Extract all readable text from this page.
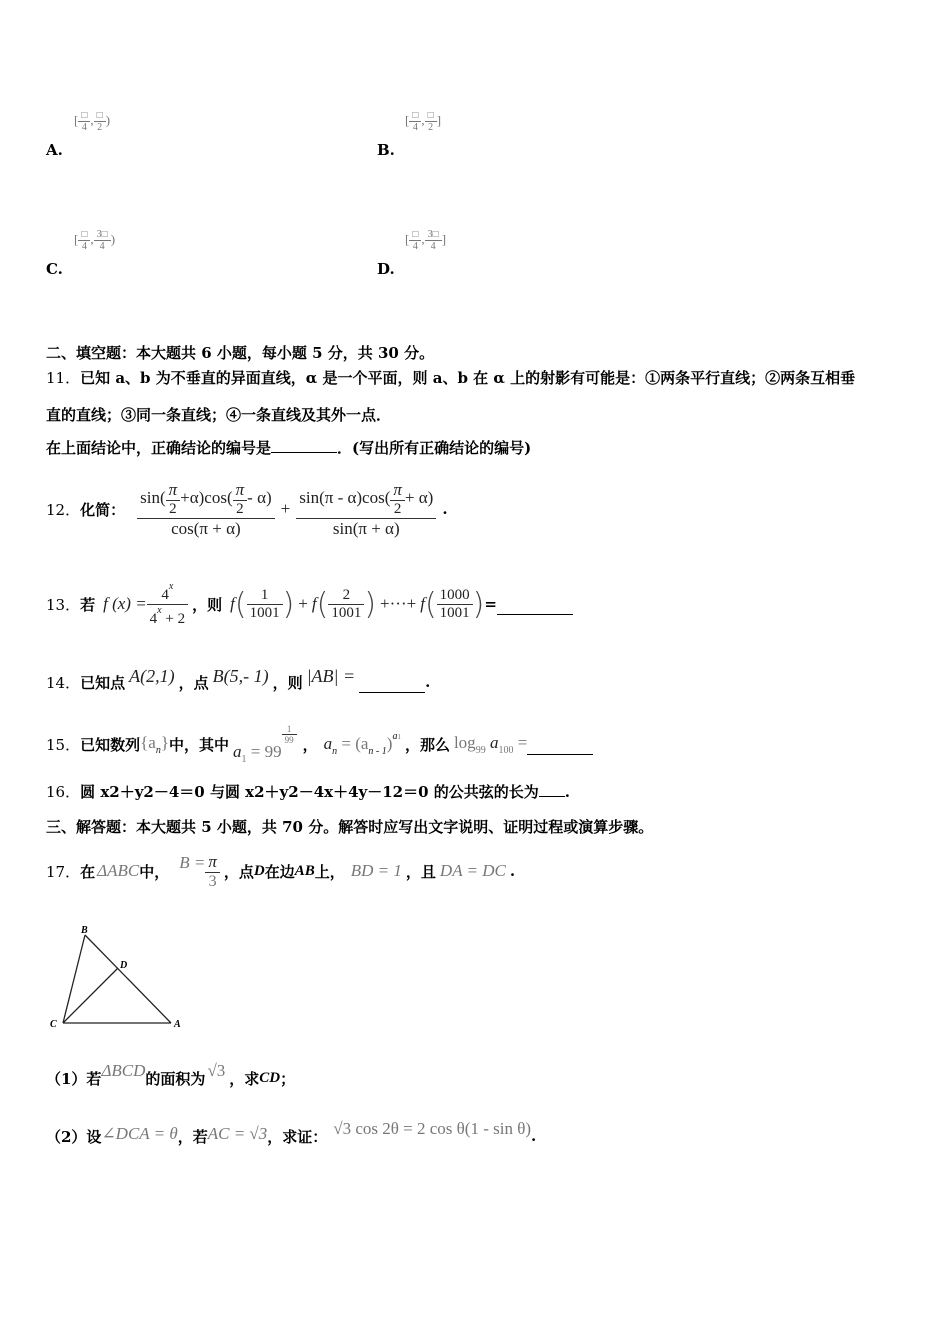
[ $\frac{□}{4}$ , $\frac{□}{2}$ )
A.
[ $\frac{□}{4}$ , $\frac{□}{2}$ ]
B.
[ $\frac{□}{4}$ , $\frac{3□}{4}$ )
C.
[ $\frac{□}{4}$ , $\frac{3□}{4}$ ]
D.
二、填空题：本大题共 6 小题，每小题 5 分，共 30 分。
11．已知 a、b 为不垂直的异面直线，α 是一个平面，则 a、b 在 α 上的射影有可能是：①两条平行直线；②两条互相垂
直的直线；③同一条直线；④一条直线及其外一点．
在上面结论中，正确结论的编号是	．(写出所有正确结论的编号)
12． 化简： $\frac{\sin( \frac{\pi}{2} +\alpha)\cos( \frac{\pi}{2} - \alpha)}{\cos(\pi + \alpha)} + \frac{\sin(\pi - \alpha)\cos( \frac{\pi}{2} + \alpha)}{\sin(\pi + \alpha)}$ .
13． 若 f $(x) = \frac{4^x}{4^x + 2}$ ，则 f ( $\frac{1}{1001}$ ) + f ( $\frac{2}{1001}$ ) +···+ f ( $\frac{1000}{1001}$ ) =
14． 已知点 A(2,1) ，点 B(5,- 1) ，则 |AB| =	.
15． 已知数列 $\{a_n\}$ 中，其中 $a_1 = 99$
$\frac{1}{99}$ ， $a_n = (a_{n - 1})^{a1}$ ，那么 $\log_{99} a_{100}$ =
16．圆 x2＋y2－4＝0 与圆 x2＋y2－4x＋4y－12＝0 的公共弦的长为 .
三、解答题：本大题共 5 小题，共 70 分。解答时应写出文字说明、证明过程或演算步骤。
17． 在 ΔABC 中， $B = \frac{\pi}{3}$ ，点 D 在边 AB 上， BD = 1 ，且 DA = DC .
B
D
C	A
（1）若 ΔBCD 的面积为 √3 ，求 CD ；
（2）设 ∠DCA = θ ，若 AC = √3 ，求证： √3 cos 2θ = 2 cos θ(1 - sin θ) .
